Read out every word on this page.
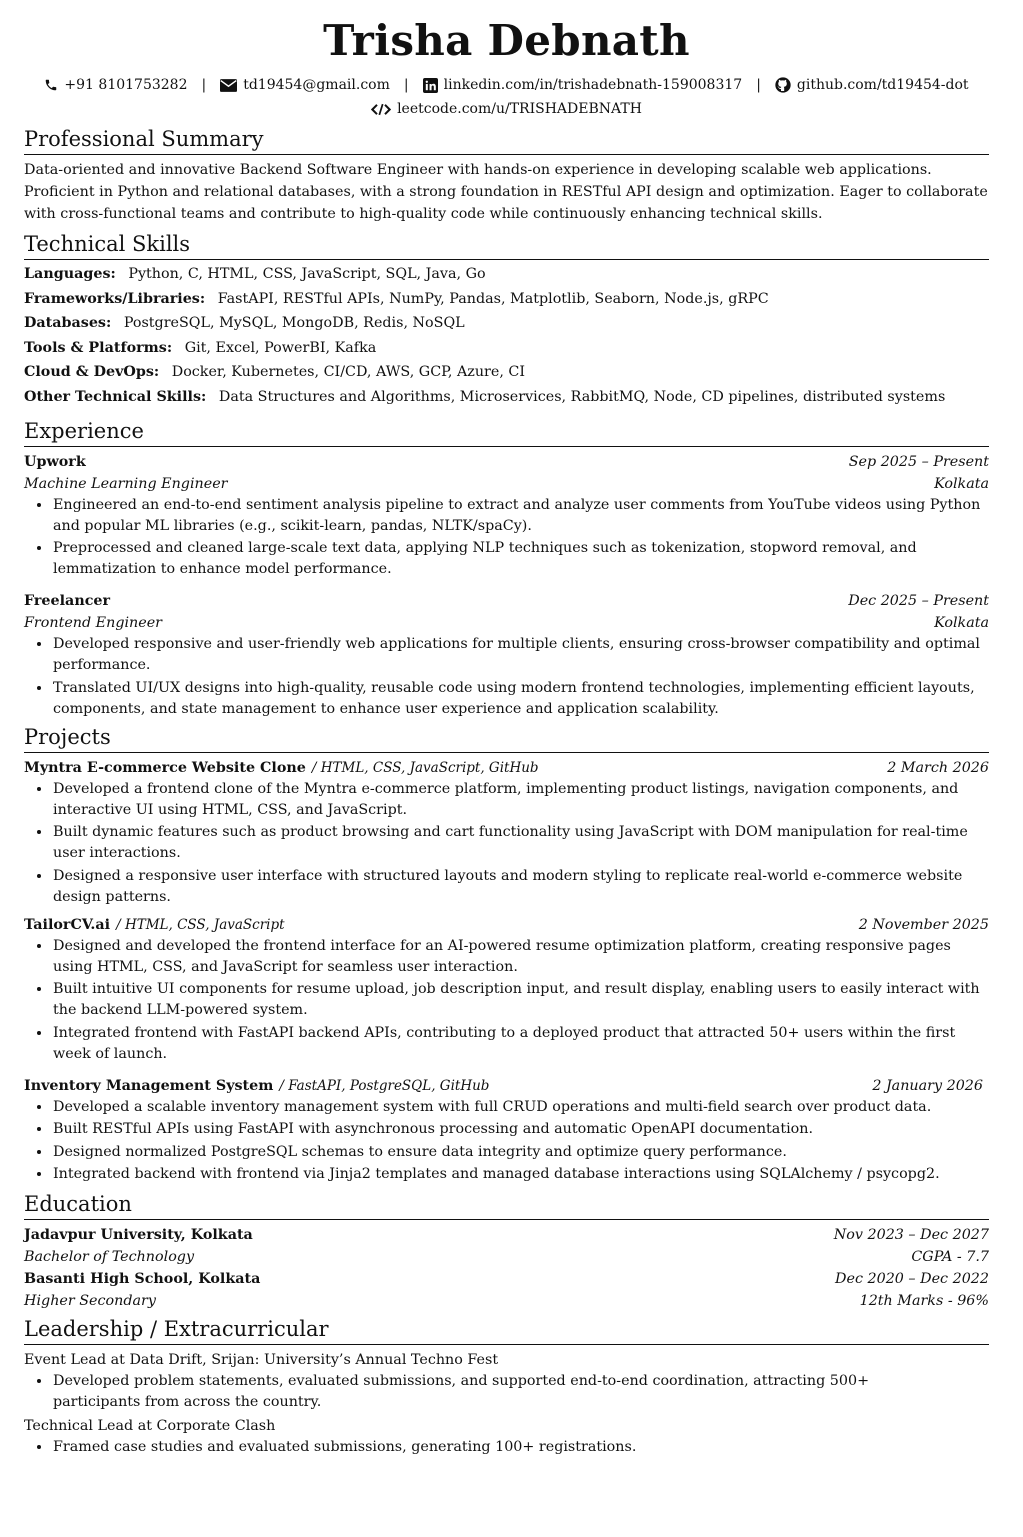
Trisha Debnath
+91 8101753282 |	td19454@gmail.com |	linkedin.com/in/trishadebnath-159008317 |	github.com/td19454-dot
leetcode.com/u/TRISHADEBNATH
Professional Summary
Data-oriented and innovative Backend Software Engineer with hands-on experience in developing scalable web applications. Proficient in Python and relational databases, with a strong foundation in RESTful API design and optimization. Eager to collaborate with cross-functional teams and contribute to high-quality code while continuously enhancing technical skills.
Technical Skills
Languages: Python, C, HTML, CSS, JavaScript, SQL, Java, Go
Frameworks/Libraries: FastAPI, RESTful APIs, NumPy, Pandas, Matplotlib, Seaborn, Node.js, gRPC
Databases: PostgreSQL, MySQL, MongoDB, Redis, NoSQL
Tools & Platforms: Git, Excel, PowerBI, Kafka
Cloud & DevOps: Docker, Kubernetes, CI/CD, AWS, GCP, Azure, CI
Other Technical Skills: Data Structures and Algorithms, Microservices, RabbitMQ, Node, CD pipelines, distributed systems
Experience
Upwork	Sep 2025 – Present
Machine Learning Engineer	Kolkata
• Engineered an end-to-end sentiment analysis pipeline to extract and analyze user comments from YouTube videos using Python and popular ML libraries (e.g., scikit-learn, pandas, NLTK/spaCy).
• Preprocessed and cleaned large-scale text data, applying NLP techniques such as tokenization, stopword removal, and lemmatization to enhance model performance.
Freelancer	Dec 2025 – Present
Frontend Engineer	Kolkata
• Developed responsive and user-friendly web applications for multiple clients, ensuring cross-browser compatibility and optimal performance.
• Translated UI/UX designs into high-quality, reusable code using modern frontend technologies, implementing efficient layouts, components, and state management to enhance user experience and application scalability.
Projects
Myntra E-commerce Website Clone / HTML, CSS, JavaScript, GitHub	2 March 2026
• Developed a frontend clone of the Myntra e-commerce platform, implementing product listings, navigation components, and interactive UI using HTML, CSS, and JavaScript.
• Built dynamic features such as product browsing and cart functionality using JavaScript with DOM manipulation for real-time user interactions.
• Designed a responsive user interface with structured layouts and modern styling to replicate real-world e-commerce website design patterns.
TailorCV.ai / HTML, CSS, JavaScript	2 November 2025
• Designed and developed the frontend interface for an AI-powered resume optimization platform, creating responsive pages using HTML, CSS, and JavaScript for seamless user interaction.
• Built intuitive UI components for resume upload, job description input, and result display, enabling users to easily interact with the backend LLM-powered system.
• Integrated frontend with FastAPI backend APIs, contributing to a deployed product that attracted 50+ users within the first week of launch.
Inventory Management System / FastAPI, PostgreSQL, GitHub	2 January 2026
• Developed a scalable inventory management system with full CRUD operations and multi-field search over product data.
• Built RESTful APIs using FastAPI with asynchronous processing and automatic OpenAPI documentation.
• Designed normalized PostgreSQL schemas to ensure data integrity and optimize query performance.
• Integrated backend with frontend via Jinja2 templates and managed database interactions using SQLAlchemy / psycopg2.
Education
Jadavpur University, Kolkata	Nov 2023 – Dec 2027
Bachelor of Technology	CGPA - 7.7
Basanti High School, Kolkata	Dec 2020 – Dec 2022
Higher Secondary	12th Marks - 96%
Leadership / Extracurricular
Event Lead at Data Drift, Srijan: University’s Annual Techno Fest
• Developed problem statements, evaluated submissions, and supported end-to-end coordination, attracting 500+ participants from across the country.
Technical Lead at Corporate Clash
• Framed case studies and evaluated submissions, generating 100+ registrations.
